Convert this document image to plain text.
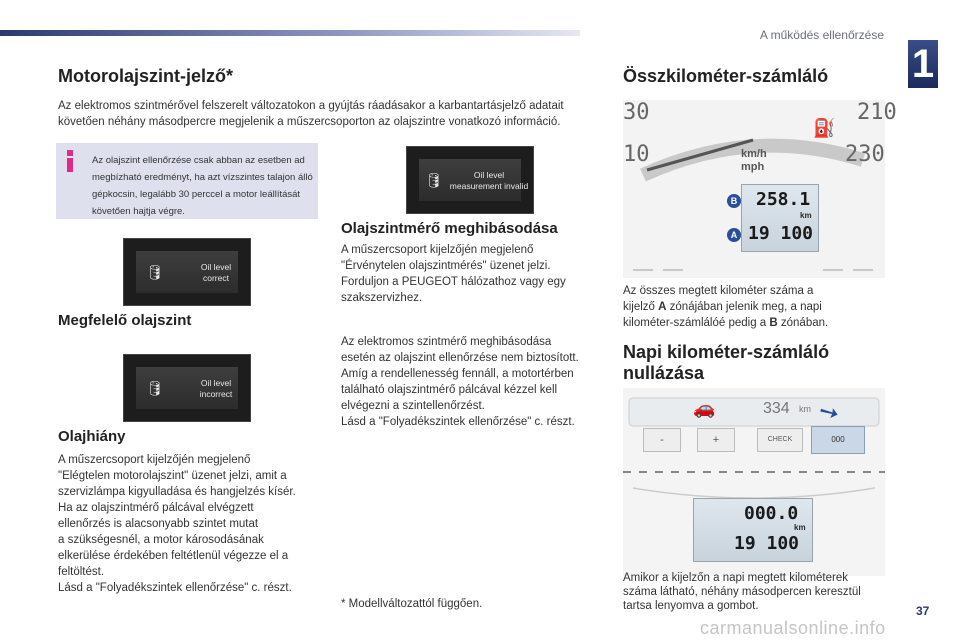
A működés ellenőrzése
1
Motorolajszint-jelző*
Az elektromos szintmérővel felszerelt változatokon a gyújtás ráadásakor a karbantartásjelző adatait követően néhány másodpercre megjelenik a műszercsoporton az olajszintre vonatkozó információ.
Az olajszint ellenőrzése csak abban az esetben ad megbízható eredményt, ha azt vízszintes talajon álló gépkocsin, legalább 30 perccel a motor leállítását követően hajtja végre.
🛢	Oil level
correct
Megfelelő olajszint
🛢	Oil level
incorrect
Olajhiány

A műszercsoport kijelzőjén megjelenő

"Elégtelen motorolajszint" üzenet jelzi, amit a

szervizlámpa kigyulladása és hangjelzés kísér.

Ha az olajszintmérő pálcával elvégzett

ellenőrzés is alacsonyabb szintet mutat

a szükségesnél, a motor károsodásának

elkerülése érdekében feltétlenül végezze el a

feltöltést.

Lásd a "Folyadékszintek ellenőrzése" c. részt.

🛢	Oil level
measurement invalid
Olajszintmérő meghibásodása

A műszercsoport kijelzőjén megjelenő

"Érvénytelen olajszintmérés" üzenet jelzi.

Forduljon a PEUGEOT hálózathoz vagy egy

szakszervizhez.

Az elektromos szintmérő meghibásodása

esetén az olajszint ellenőrzése nem biztosított.

Amíg a rendellenesség fennáll, a motortérben

található olajszintmérő pálcával kézzel kell

elvégezni a szintellenőrzést.

Lásd a "Folyadékszintek ellenőrzése" c. részt.

* Modellváltozattól függően.
Összkilométer-számláló
30	210
10	230
km/h
mph
⛽
258.1
km
19 100
B
A

Az összes megtett kilométer száma a

kijelző A zónájában jelenik meg, a napi

kilométer-számlálóé pedig a B zónában.

Napi kilométer-számláló
nullázása
🚗	334 km
-	+	CHECK	000
➘
000.0
km
19 100

Amikor a kijelzőn a napi megtett kilométerek

száma látható, néhány másodpercen keresztül

tartsa lenyomva a gombot.	37
carmanualsonline.info
